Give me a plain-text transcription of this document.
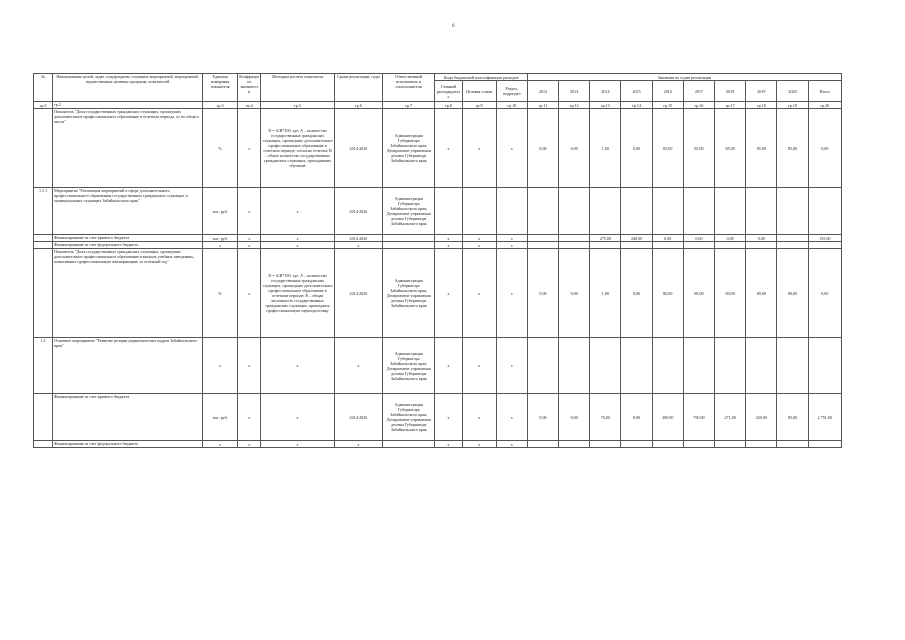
6
№	Наименование целей, задач, подпрограмм, основных мероприятий, мероприятий, ведомственных целевых программ, показателей	Единица измерения показателя	Коэффициент значимости	Методика расчета показателя	Сроки реализации, годы	Ответственный исполнитель и соисполнители	Коды бюджетной классификации расходов			Значения по годам реализации									
							Главный распорядитель	Целевая статья	Раздел, подраздел	2012	2013	2014	2015	2016	2017	2018	2019	2020	Итого
гр.3	гр.2	гр.3	гр.4	гр.5	гр.6	гр.7	гр.8	гр.9	гр.10	гр.11	гр.12	гр.13	гр.14	гр.15	гр.16	гр.17	гр.18	гр.19	гр.20
	Показатель "Доля государственных гражданских служащих, прошедших дополнительное профессиональное образование в отчетном периоде, от их общего числа"	%	х	D = A/B*100, где: А – количество государственных гражданских служащих, прошедших дополнительное профессиональное образование в отчетном периоде, согласно отчетам; В – общее количество государственных гражданских служащих, проходивших обучение	2014-2020	Администрация Губернатора Забайкальского края; Департамент управления делами Губернатора Забайкальского края	х	х	х	0,00	0,00	1,00	0,00	85,00	85,00	85,00	85,00	85,00	0,00
1.1.1	Мероприятие "Реализация мероприятий в сфере дополнительного профессионального образования государственных гражданских служащих и муниципальных служащих Забайкальского края"	тыс. руб.	х	х	2014-2020	Администрация Губернатора Забайкальского края; Департамент управления делами Губернатора Забайкальского края													
	Финансирование за счет краевого бюджета	тыс. руб.	х	х	2014-2020		х	х	х			275,00	240,00	0,00	0,00	0,00	0,00		155,00
	Финансирование за счет федерального бюджета	х	х	х	х		х	х	х										
	Показатель "Доля государственных гражданских служащих, прошедших дополнительное профессиональное образование в высших учебных заведениях, повысивших профессиональную квалификацию за отчетный год"	%	х	D = A/B*100, где: А – количество государственных гражданских служащих, прошедших дополнительное профессиональное образование в отчетном периоде; В – общая численность государственных гражданских служащих, прошедших профессиональную переподготовку	2014-2020	Администрация Губернатора Забайкальского края; Департамент управления делами Губернатора Забайкальского края	х	х	х	0,00	0,00	1,00	0,00	80,00	80,00	80,00	80,00	80,00	0,00
1.2	Основное мероприятие "Развитие резерва управленческих кадров Забайкальского края"	х	х	х	х	Администрация Губернатора Забайкальского края; Департамент управления делами Губернатора Забайкальского края	х	х	х										
	Финансирование за счет краевого бюджета	тыс. руб.	х	х	2014-2020	Администрация Губернатора Забайкальского края; Департамент управления делами Губернатора Забайкальского края	х	х	х	0,00	0,00	70,00	0,00	300,00	750,00	271,00	320,00	85,00	2 751,00
	Финансирование за счет федерального бюджета	х	х	х	х		х	х	х										
